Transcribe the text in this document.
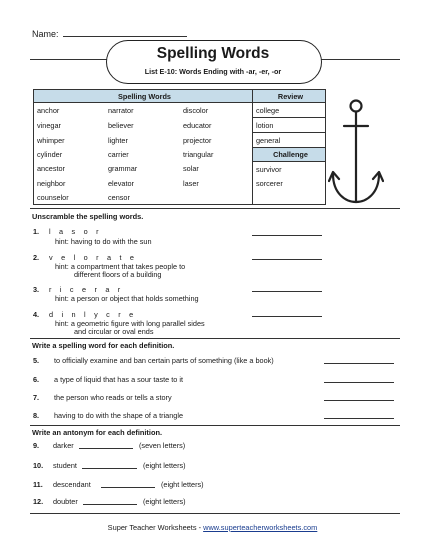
Name:
Spelling Words
List E-10: Words Ending with -ar, -er, -or
Spelling Words			Review
anchor	narrator	discolor	college
vinegar	believer	educator	lotion
whimper	lighter	projector	general
cylinder	carrier	triangular	Challenge
ancestor	grammar	solar	survivor
neighbor	elevator	laser	sorcerer
counselor	censor		
Unscramble the spelling words.
1. l a s o r
hint: having to do with the sun
2. v e l o r a t e
hint: a compartment that takes people to
different floors of a building
3. r i c e r a r
hint: a person or object that holds something
4. d i n l y c r e
hint: a geometric figure with long parallel sides
and circular or oval ends
Write a spelling word for each definition.
5. to officially examine and ban certain parts of something (like a book)
6. a type of liquid that has a sour taste to it
7. the person who reads or tells a story
8. having to do with the shape of a triangle
Write an antonym for each definition.
9. darker	(seven letters)
10. student	(eight letters)
11. descendant	(eight letters)
12. doubter	(eight letters)
Super Teacher Worksheets - www.superteacherworksheets.com
